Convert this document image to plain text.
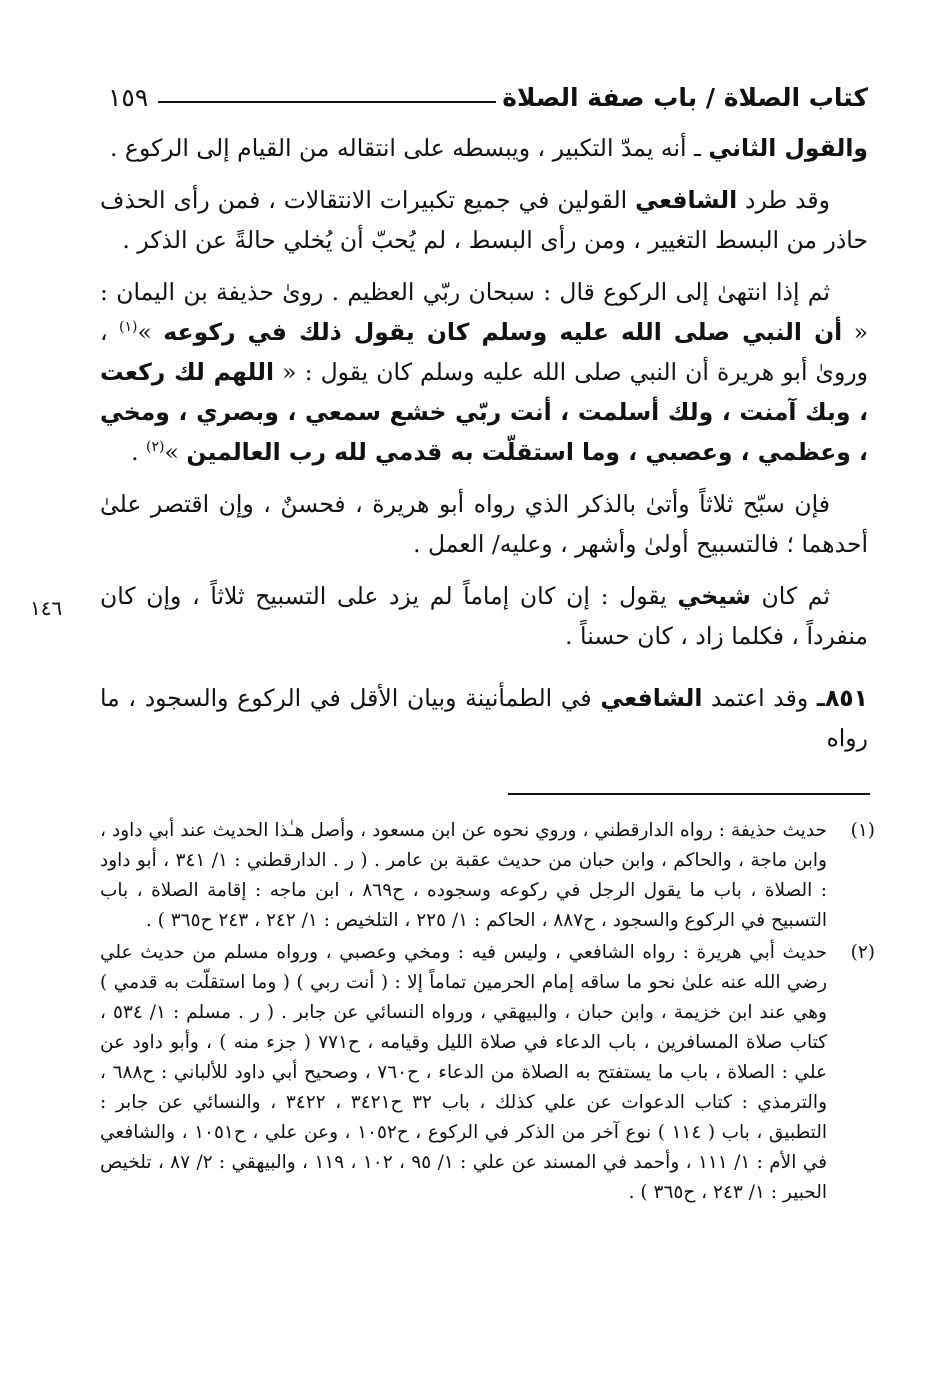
كتاب الصلاة / باب صفة الصلاة
١٥٩

والقول الثاني ـ أنه يمدّ التكبير ، ويبسطه على انتقاله من القيام إلى الركوع .

وقد طرد الشافعي القولين في جميع تكبيرات الانتقالات ، فمن رأى الحذف حاذر من البسط التغيير ، ومن رأى البسط ، لم يُحبّ أن يُخلي حالةً عن الذكر .

ثم إذا انتهىٰ إلى الركوع قال : سبحان ربّي العظيم . روىٰ حذيفة بن اليمان : « أن النبي صلى الله عليه وسلم كان يقول ذلك في ركوعه »$^{(١)}$ ، وروىٰ أبو هريرة أن النبي صلى الله عليه وسلم كان يقول : « اللهم لك ركعت ، وبك آمنت ، ولك أسلمت ، أنت ربّي خشع سمعي ، وبصري ، ومخي ، وعظمي ، وعصبي ، وما استقلّت به قدمي لله رب العالمين »$^{(٢)}$ .

فإن سبّح ثلاثاً وأتىٰ بالذكر الذي رواه أبو هريرة ، فحسنٌ ، وإن اقتصر علىٰ أحدهما ؛ فالتسبيح أولىٰ وأشهر ، وعليه/ العمل .

ثم كان شيخي يقول : إن كان إماماً لم يزد على التسبيح ثلاثاً ، وإن كان منفرداً ، فكلما زاد ، كان حسناً .

٨٥١ـ وقد اعتمد الشافعي في الطمأنينة وبيان الأقل في الركوع والسجود ، ما رواه

١٤٦
(١)
حديث حذيفة : رواه الدارقطني ، وروي نحوه عن ابن مسعود ، وأصل هـٰذا الحديث عند أبي داود ، وابن ماجة ، والحاكم ، وابن حبان من حديث عقبة بن عامر . ( ر . الدارقطني : ١/ ٣٤١ ، أبو داود : الصلاة ، باب ما يقول الرجل في ركوعه وسجوده ، ح٨٦٩ ، ابن ماجه : إقامة الصلاة ، باب التسبيح في الركوع والسجود ، ح٨٨٧ ، الحاكم : ١/ ٢٢٥ ، التلخيص : ١/ ٢٤٢ ، ٢٤٣ ح٣٦٥ ) .
(٢)
حديث أبي هريرة : رواه الشافعي ، وليس فيه : ومخي وعصبي ، ورواه مسلم من حديث علي رضي الله عنه علىٰ نحو ما ساقه إمام الحرمين تماماً إلا : ( أنت ربي ) ( وما استقلّت به قدمي ) وهي عند ابن خزيمة ، وابن حبان ، والبيهقي ، ورواه النسائي عن جابر . ( ر . مسلم : ١/ ٥٣٤ ، كتاب صلاة المسافرين ، باب الدعاء في صلاة الليل وقيامه ، ح٧٧١ ( جزء منه ) ، وأبو داود عن علي : الصلاة ، باب ما يستفتح به الصلاة من الدعاء ، ح٧٦٠ ، وصحيح أبي داود للألباني : ح٦٨٨ ، والترمذي : كتاب الدعوات عن علي كذلك ، باب ٣٢ ح٣٤٢١ ، ٣٤٢٢ ، والنسائي عن جابر : التطبيق ، باب ( ١١٤ ) نوع آخر من الذكر في الركوع ، ح١٠٥٢ ، وعن علي ، ح١٠٥١ ، والشافعي في الأم : ١/ ١١١ ، وأحمد في المسند عن علي : ١/ ٩٥ ، ١٠٢ ، ١١٩ ، والبيهقي : ٢/ ٨٧ ، تلخيص الحبير : ١/ ٢٤٣ ، ح٣٦٥ ) .
